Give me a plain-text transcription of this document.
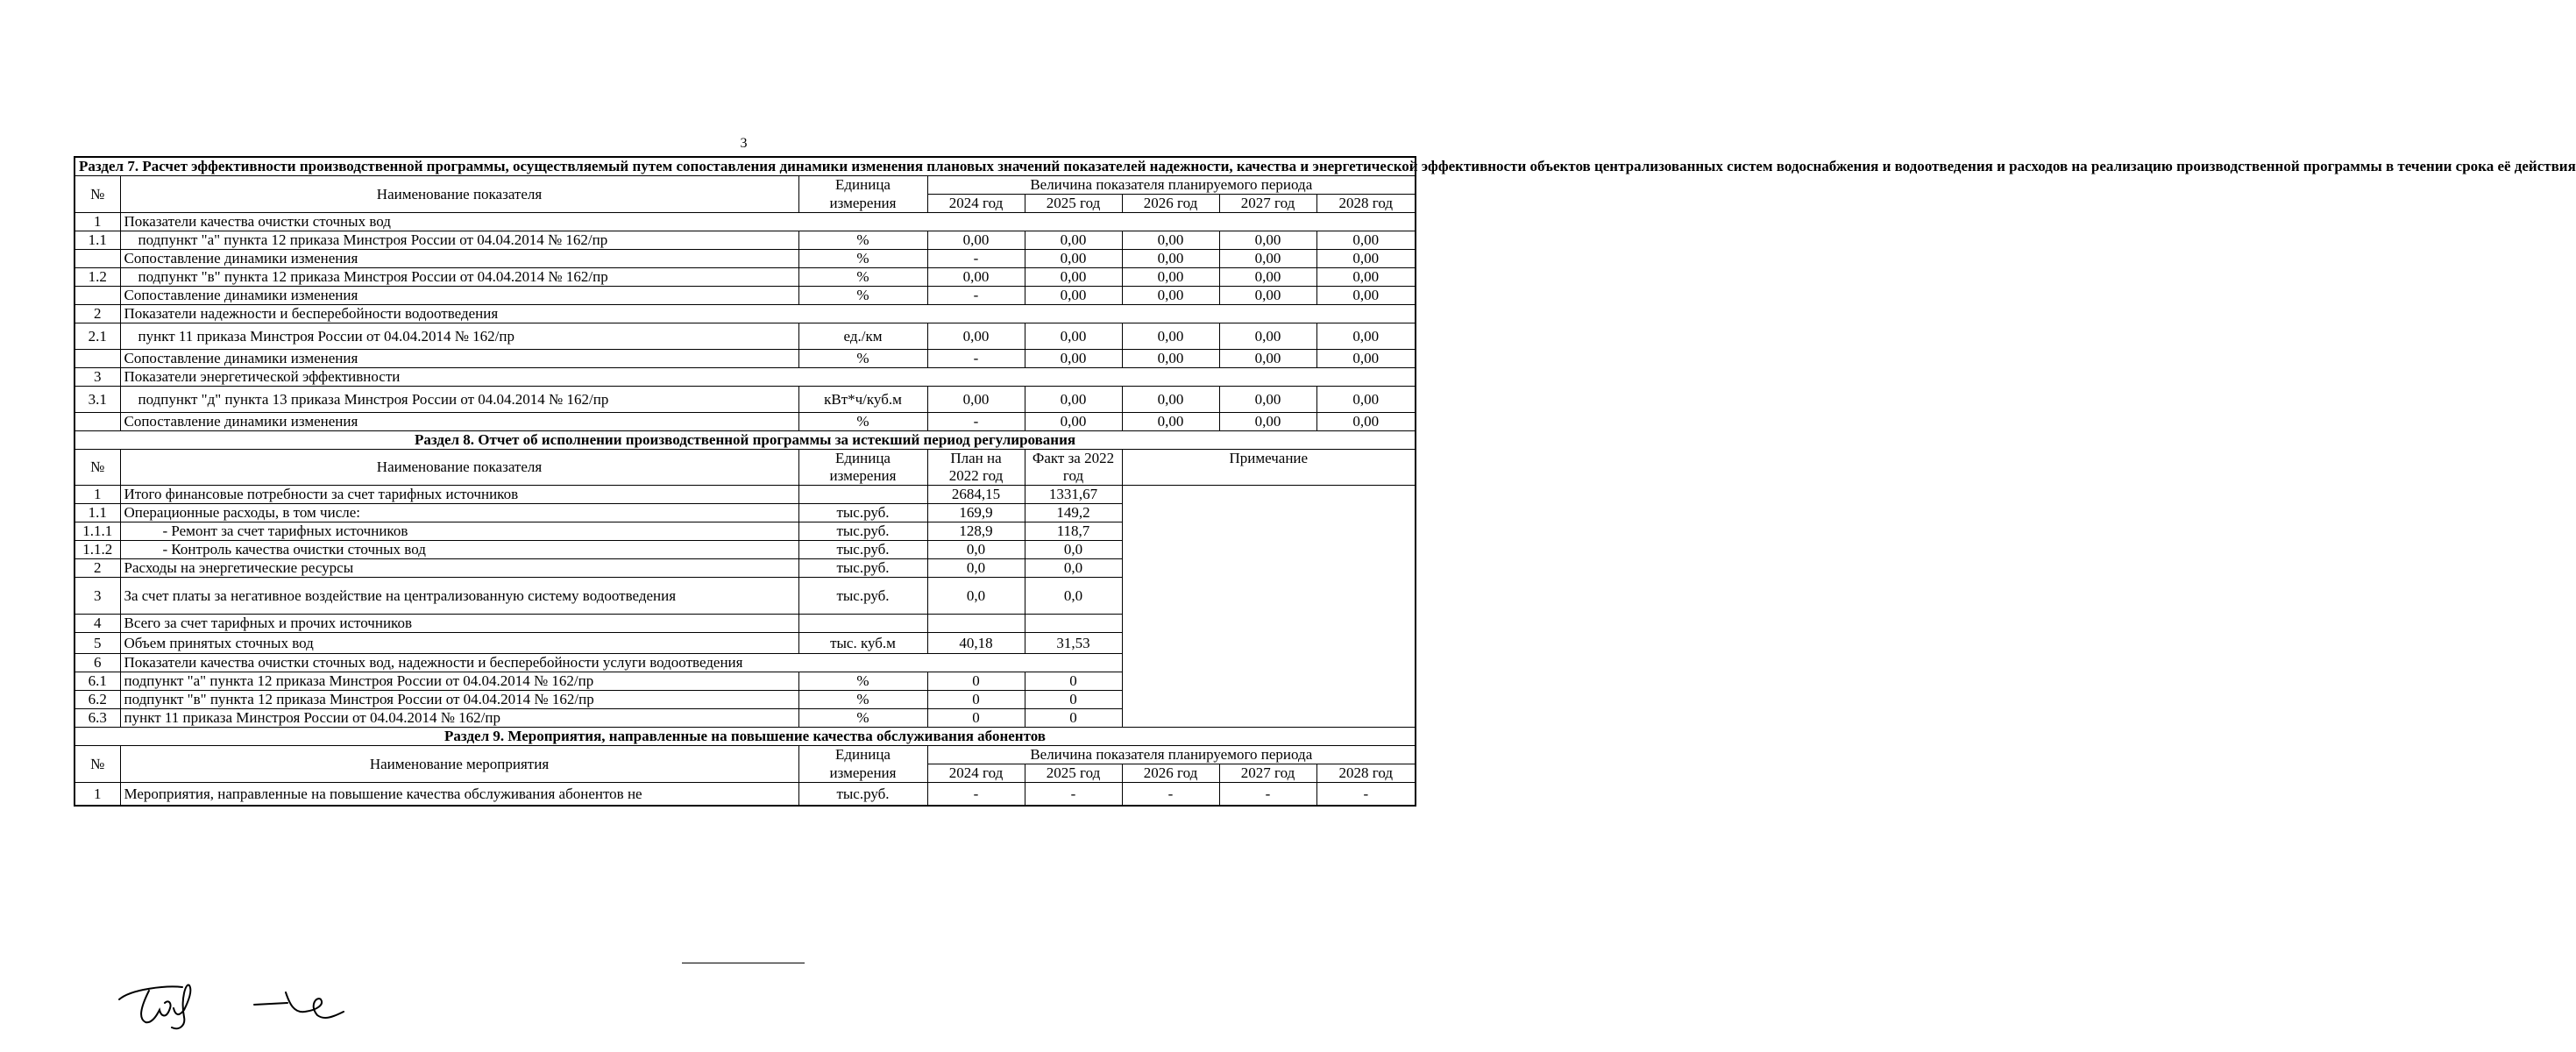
3
Раздел 7. Расчет эффективности производственной программы, осуществляемый путем сопоставления динамики изменения плановых значений показателей надежности, качества и энергетической эффективности объектов централизованных систем водоснабжения и водоотведения и расходов на реализацию производственной программы в течении срока её действия							
№	Наименование показателя	Единица	Величина показателя планируемого периода				
		измерения	2024 год	2025 год	2026 год	2027 год	2028 год
1	Показатели качества очистки сточных вод						
1.1	подпункт "а" пункта 12 приказа Минстроя России от 04.04.2014 № 162/пр	%	0,00	0,00	0,00	0,00	0,00
	Сопоставление динамики изменения	%	-	0,00	0,00	0,00	0,00
1.2	подпункт "в" пункта 12 приказа Минстроя России от 04.04.2014 № 162/пр	%	0,00	0,00	0,00	0,00	0,00
	Сопоставление динамики изменения	%	-	0,00	0,00	0,00	0,00
2	Показатели надежности и бесперебойности водоотведения						
2.1	пункт 11 приказа Минстроя России от 04.04.2014 № 162/пр	ед./км	0,00	0,00	0,00	0,00	0,00
	Сопоставление динамики изменения	%	-	0,00	0,00	0,00	0,00
3	Показатели энергетической эффективности						
3.1	подпункт "д" пункта 13 приказа Минстроя России от 04.04.2014 № 162/пр	кВт*ч/куб.м	0,00	0,00	0,00	0,00	0,00
	Сопоставление динамики изменения	%	-	0,00	0,00	0,00	0,00

Раздел 8. Отчет об исполнении производственной программы за истекший период регулирования							
№	Наименование показателя	Единица	План на	Факт за 2022	Примечание		
		измерения	2022 год	год			
1	Итого финансовые потребности за счет тарифных источников		2684,15	1331,67			
1.1	Операционные расходы, в том числе:	тыс.руб.	169,9	149,2			
1.1.1	- Ремонт за счет тарифных источников	тыс.руб.	128,9	118,7			
1.1.2	- Контроль качества очистки сточных вод	тыс.руб.	0,0	0,0			
2	Расходы на энергетические ресурсы	тыс.руб.	0,0	0,0			
3	За счет платы за негативное воздействие на централизованную систему водоотведения	тыс.руб.	0,0	0,0			
4	Всего за счет тарифных и прочих источников						
5	Объем принятых сточных вод	тыс. куб.м	40,18	31,53			
6	Показатели качества очистки сточных вод, надежности и бесперебойности услуги водоотведения						
6.1	подпункт "а" пункта 12 приказа Минстроя России от 04.04.2014 № 162/пр	%	0	0			
6.2	подпункт "в" пункта 12 приказа Минстроя России от 04.04.2014 № 162/пр	%	0	0			
6.3	пункт 11 приказа Минстроя России от 04.04.2014 № 162/пр	%	0	0			

Раздел 9. Мероприятия, направленные на повышение качества обслуживания абонентов							
№	Наименование мероприятия	Единица	Величина показателя планируемого периода				
		измерения	2024 год	2025 год	2026 год	2027 год	2028 год
1	Мероприятия, направленные на повышение качества обслуживания абонентов не	тыс.руб.	-	-	-	-	-
